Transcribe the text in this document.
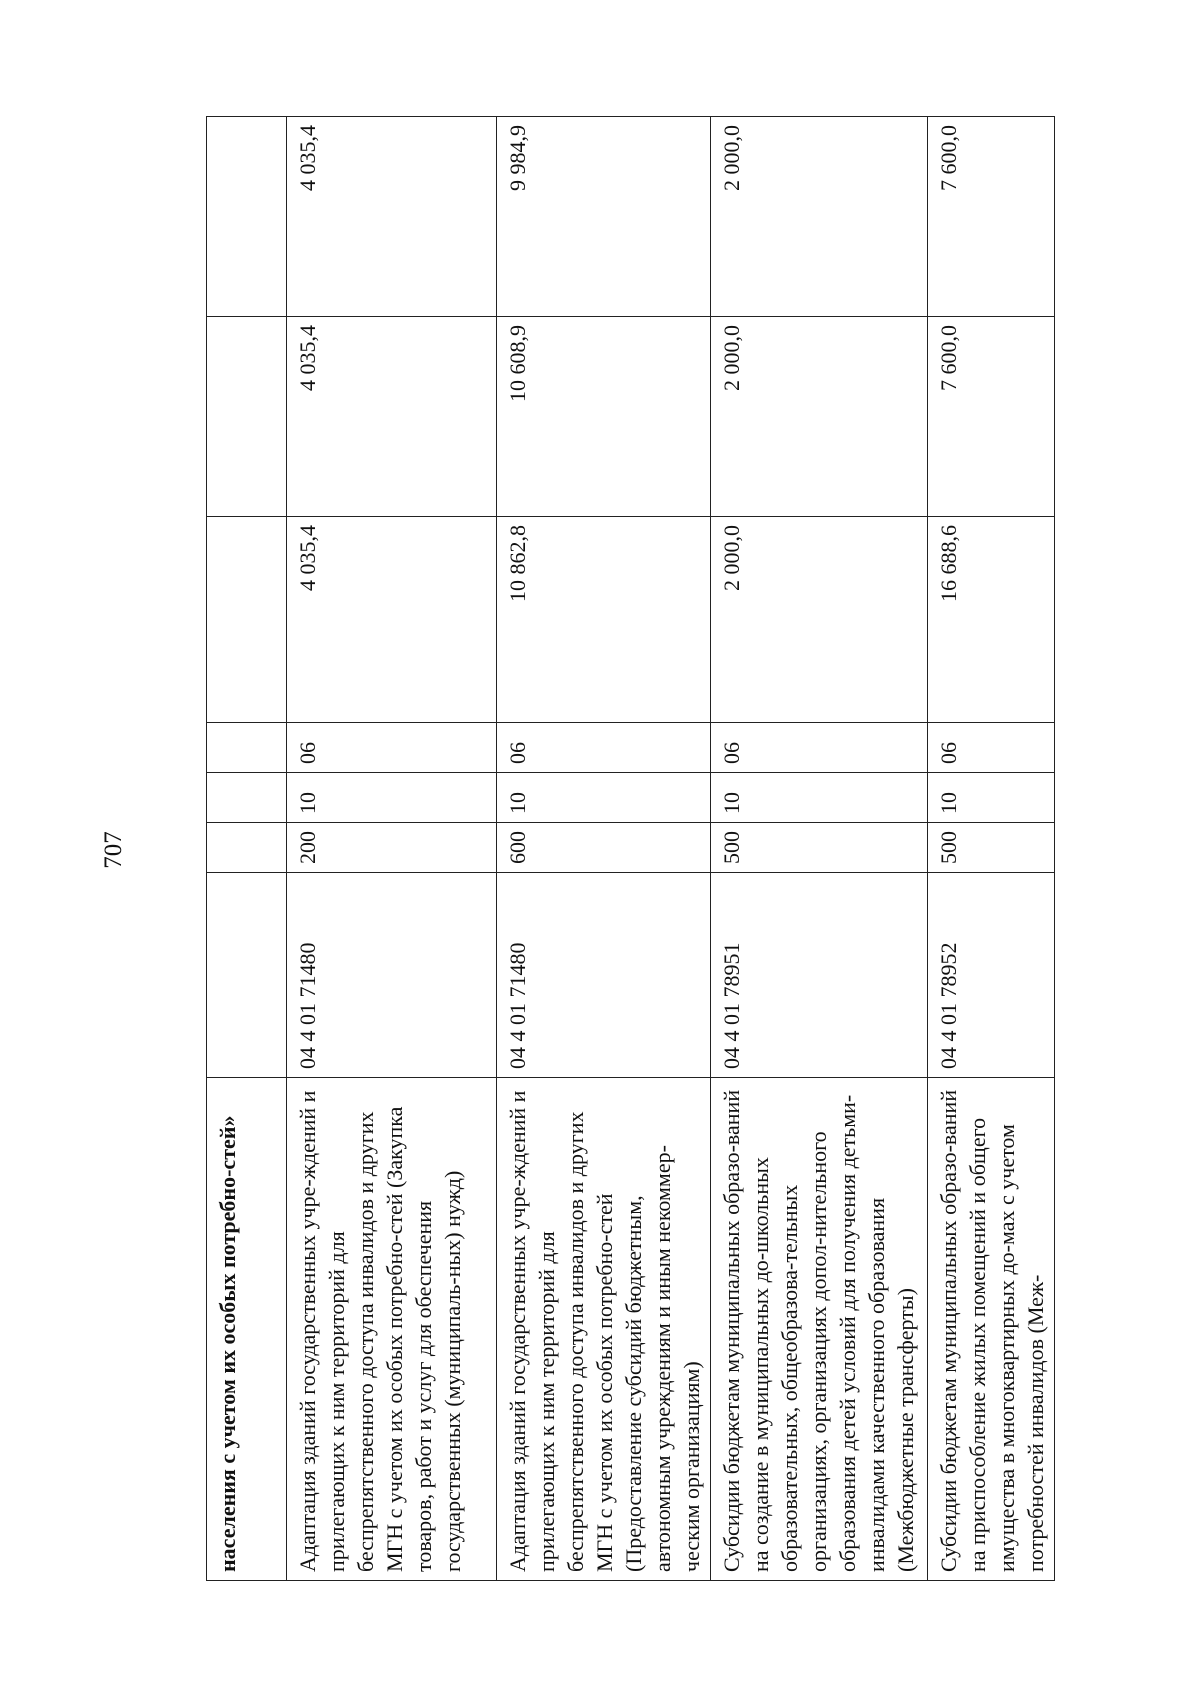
707
населения с учетом их особых потребно-стей»							
Адаптация зданий государственных учре-ждений и прилегающих к ним территорий для беспрепятственного доступа инвалидов и других МГН с учетом их особых потребно-стей (Закупка товаров, работ и услуг для обеспечения государственных (муниципаль-ных) нужд)	04 4 01 71480	200	10	06	4 035,4	4 035,4	4 035,4
Адаптация зданий государственных учре-ждений и прилегающих к ним территорий для беспрепятственного доступа инвалидов и других МГН с учетом их особых потребно-стей (Предоставление субсидий бюджетным, автономным учреждениям и иным некоммер-ческим организациям)	04 4 01 71480	600	10	06	10 862,8	10 608,9	9 984,9
Субсидии бюджетам муниципальных образо-ваний на создание в муниципальных до-школьных образовательных, общеобразова-тельных организациях, организациях допол-нительного образования детей условий для получения детьми-инвалидами качественного образования (Межбюджетные трансферты)	04 4 01 78951	500	10	06	2 000,0	2 000,0	2 000,0
Субсидии бюджетам муниципальных образо-ваний на приспособление жилых помещений и общего имущества в многоквартирных до-мах с учетом потребностей инвалидов (Меж-	04 4 01 78952	500	10	06	16 688,6	7 600,0	7 600,0
